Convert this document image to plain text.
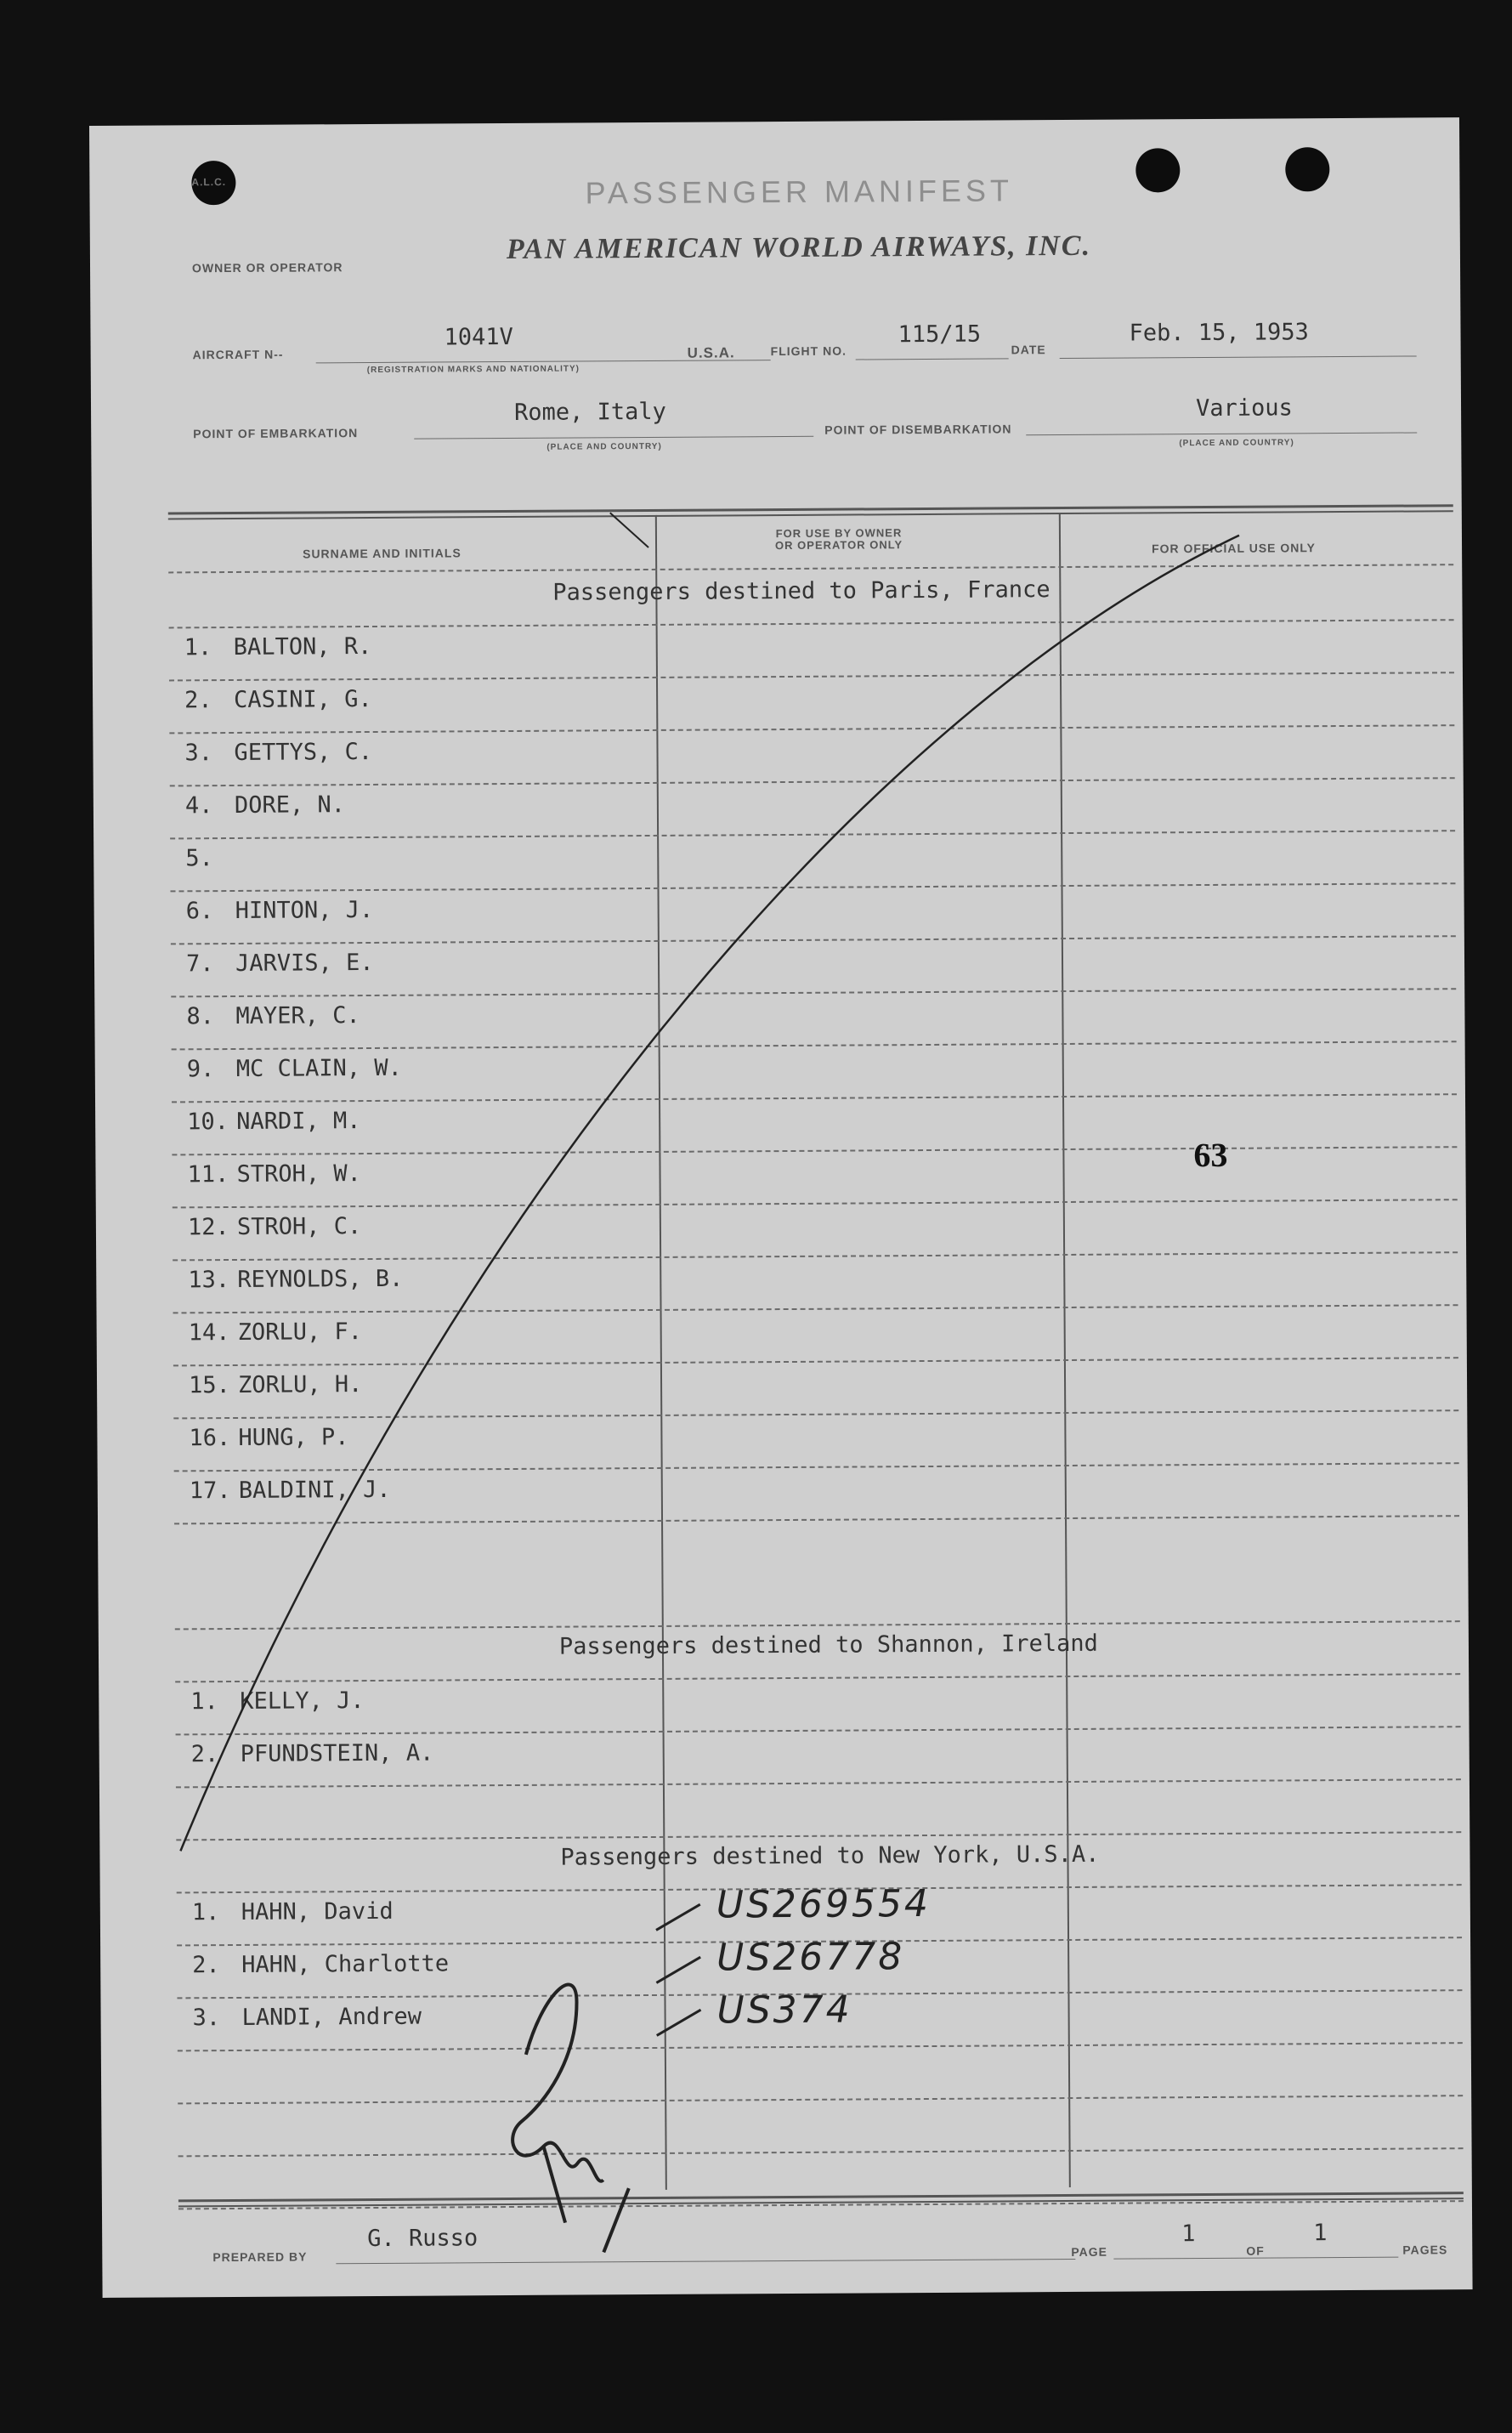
A.L.C.	PASSENGER MANIFEST
OWNER OR OPERATOR
PAN AMERICAN WORLD AIRWAYS, INC.
AIRCRAFT N--
1041V
(REGISTRATION MARKS AND NATIONALITY)
U.S.A.	FLIGHT NO.
115/15
DATE
Feb. 15, 1953
POINT OF EMBARKATION
Rome, Italy
(PLACE AND COUNTRY)
POINT OF DISEMBARKATION
Various
(PLACE AND COUNTRY)
SURNAME AND INITIALS
FOR USE BY OWNER
OR OPERATOR ONLY	FOR OFFICIAL USE ONLY
Passengers destined to Paris, France
1. BALTON, R.
2. CASINI, G.
3. GETTYS, C.
4. DORE, N.
5.
6. HINTON, J.
7. JARVIS, E.
8. MAYER, C.
9. MC CLAIN, W.
10. NARDI, M.
11. STROH, W.
12. STROH, C.
13. REYNOLDS, B.
14. ZORLU, F.
15. ZORLU, H.
16. HUNG, P.
17. BALDINI, J.
Passengers destined to Shannon, Ireland
1. KELLY, J.
2. PFUNDSTEIN, A.
Passengers destined to New York, U.S.A.
1. HAHN, David	US269554
2. HAHN, Charlotte	US26778
3. LANDI, Andrew	US374
63
PREPARED BY
G. Russo	PAGE
1
OF
1
PAGES
